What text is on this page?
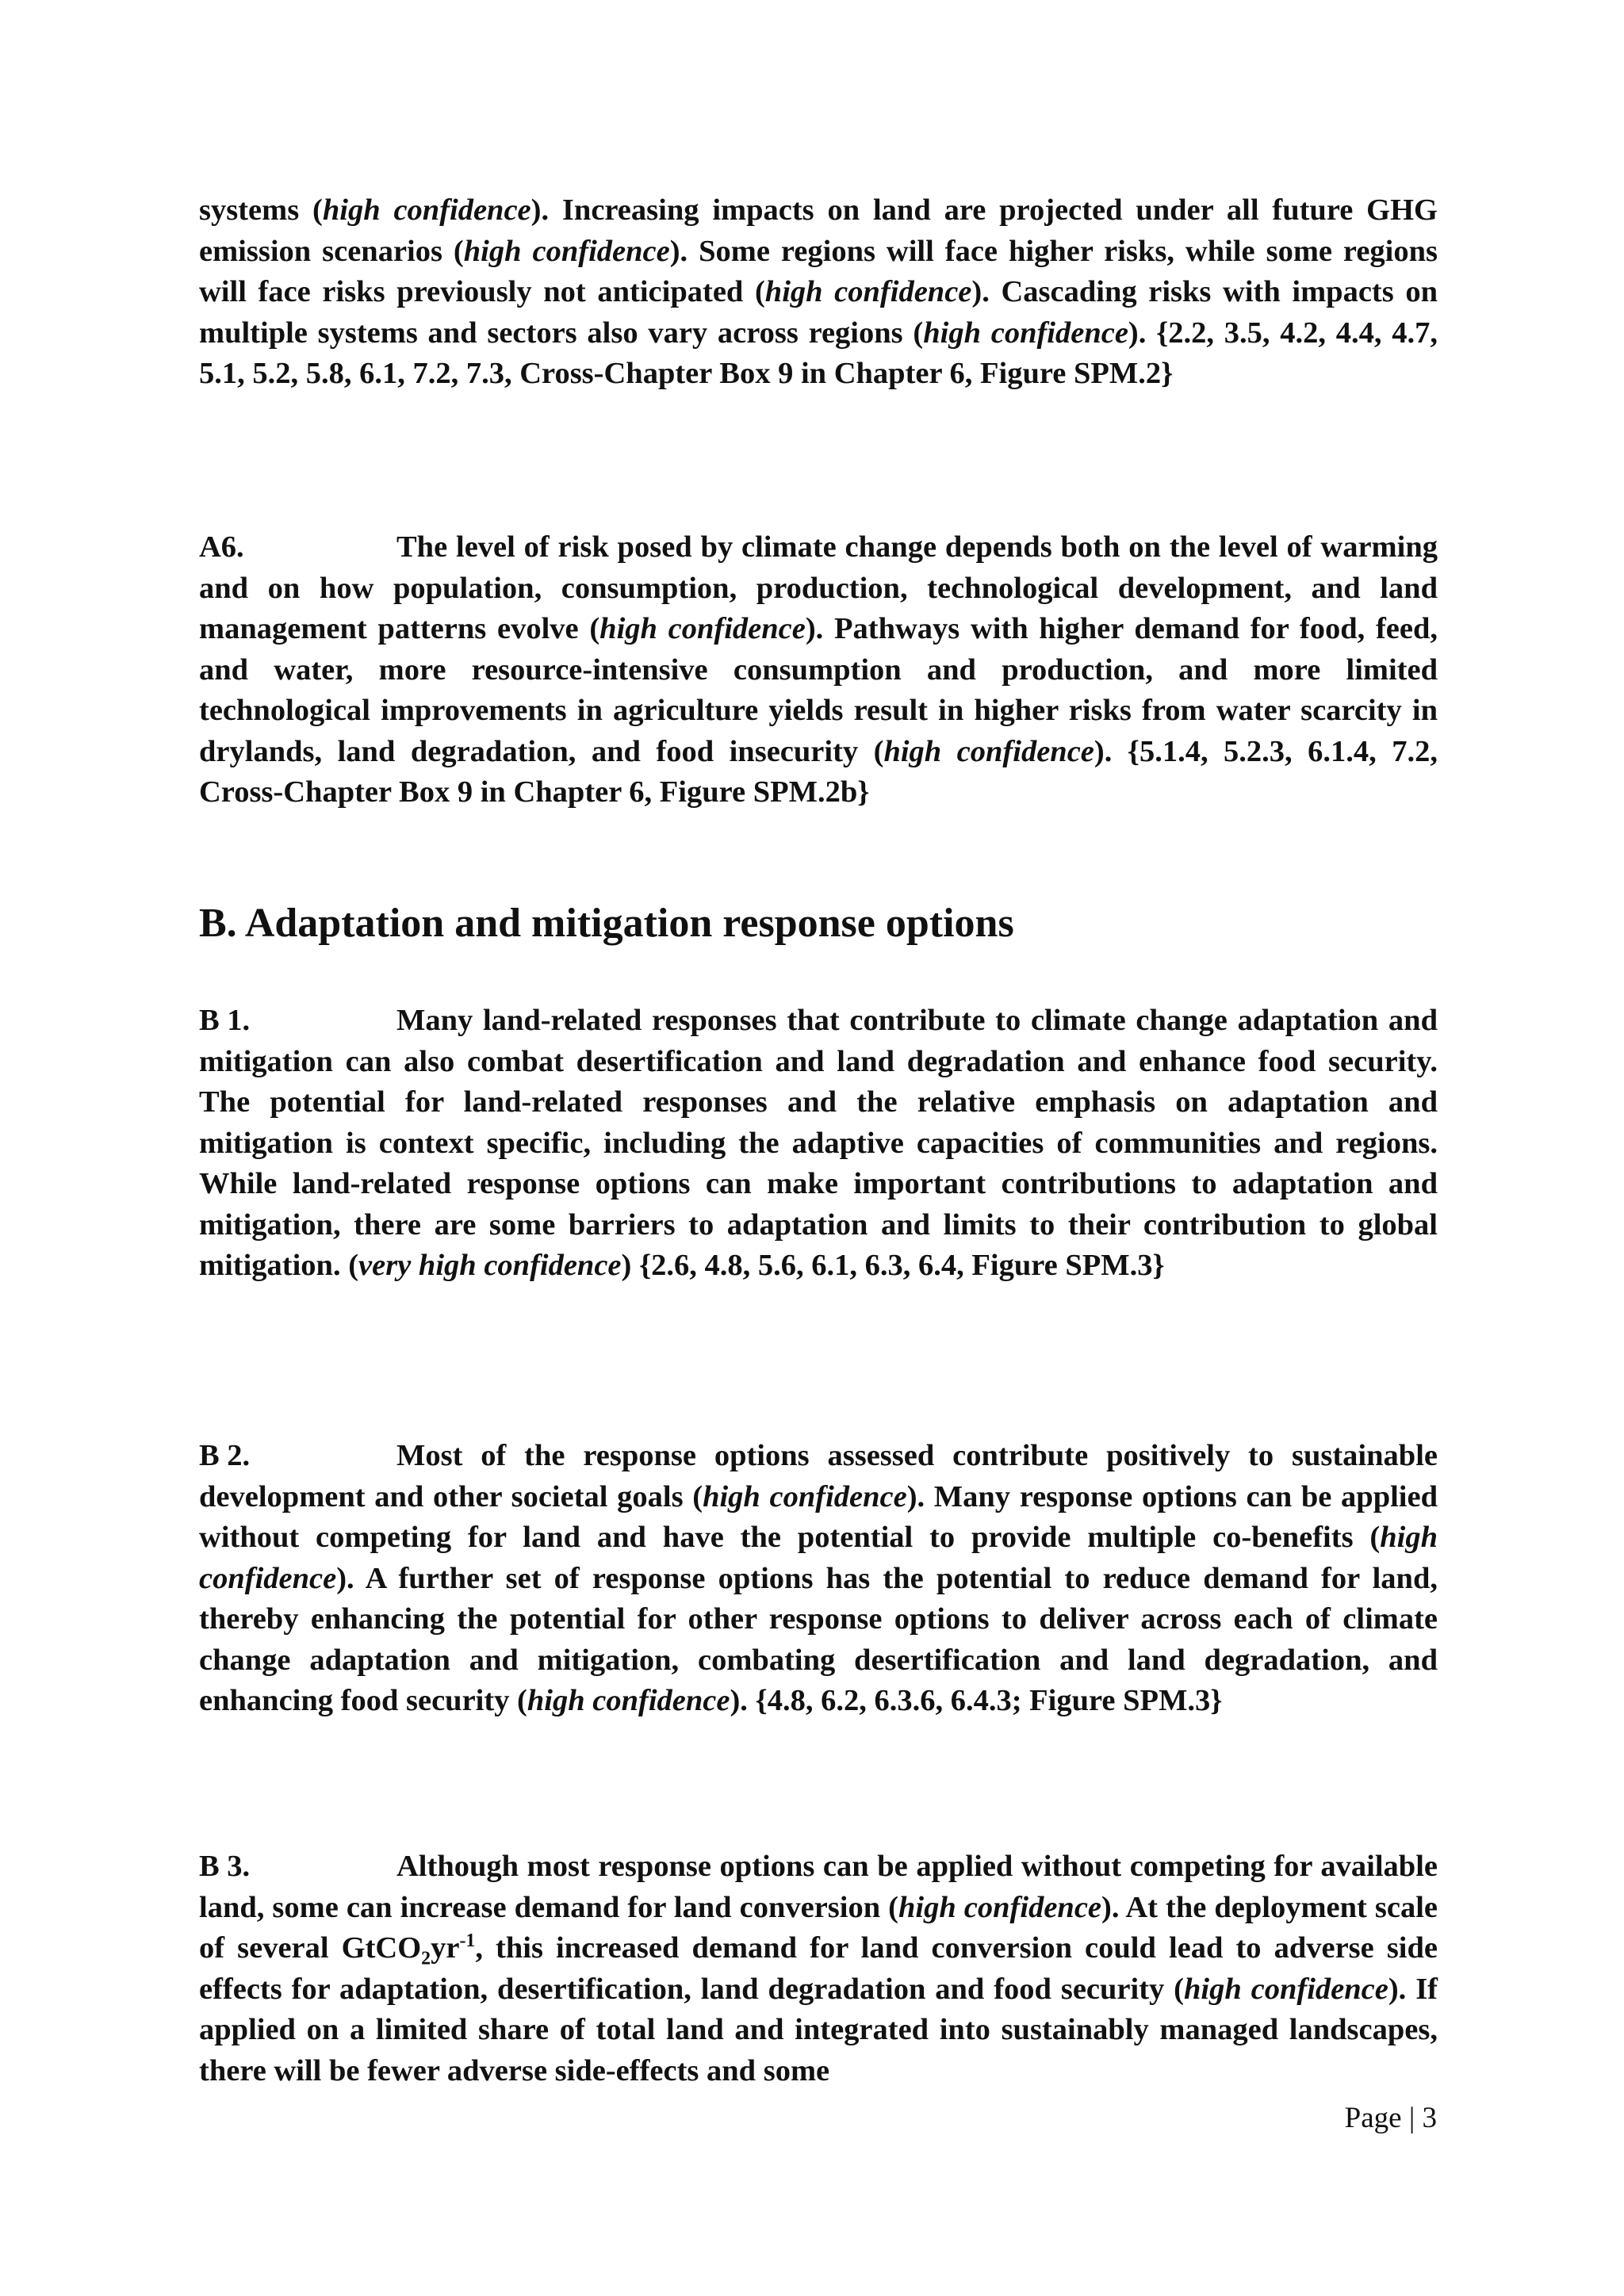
systems (high confidence). Increasing impacts on land are projected under all future GHG emission scenarios (high confidence). Some regions will face higher risks, while some regions will face risks previously not anticipated (high confidence). Cascading risks with impacts on multiple systems and sectors also vary across regions (high confidence). {2.2, 3.5, 4.2, 4.4, 4.7, 5.1, 5.2, 5.8, 6.1, 7.2, 7.3, Cross-Chapter Box 9 in Chapter 6, Figure SPM.2}

A6.	The level of risk posed by climate change depends both on the level of warming and on how population, consumption, production, technological development, and land management patterns evolve (high confidence). Pathways with higher demand for food, feed, and water, more resource-intensive consumption and production, and more limited technological improvements in agriculture yields result in higher risks from water scarcity in drylands, land degradation, and food insecurity (high confidence). {5.1.4, 5.2.3, 6.1.4, 7.2, Cross-Chapter Box 9 in Chapter 6, Figure SPM.2b}

B. Adaptation and mitigation response options

B 1.	Many land-related responses that contribute to climate change adaptation and mitigation can also combat desertification and land degradation and enhance food security. The potential for land-related responses and the relative emphasis on adaptation and mitigation is context specific, including the adaptive capacities of communities and regions. While land-related response options can make important contributions to adaptation and mitigation, there are some barriers to adaptation and limits to their contribution to global mitigation. (very high confidence) {2.6, 4.8, 5.6, 6.1, 6.3, 6.4, Figure SPM.3}

B 2.	Most of the response options assessed contribute positively to sustainable development and other societal goals (high confidence). Many response options can be applied without competing for land and have the potential to provide multiple co-benefits (high confidence). A further set of response options has the potential to reduce demand for land, thereby enhancing the potential for other response options to deliver across each of climate change adaptation and mitigation, combating desertification and land degradation, and enhancing food security (high confidence). {4.8, 6.2, 6.3.6, 6.4.3; Figure SPM.3}

B 3.	Although most response options can be applied without competing for available land, some can increase demand for land conversion (high confidence). At the deployment scale of several $GtCO_2yr^{-1}$, this increased demand for land conversion could lead to adverse side effects for adaptation, desertification, land degradation and food security (high confidence). If applied on a limited share of total land and integrated into sustainably managed landscapes, there will be fewer adverse side-effects and some

Page | 3
